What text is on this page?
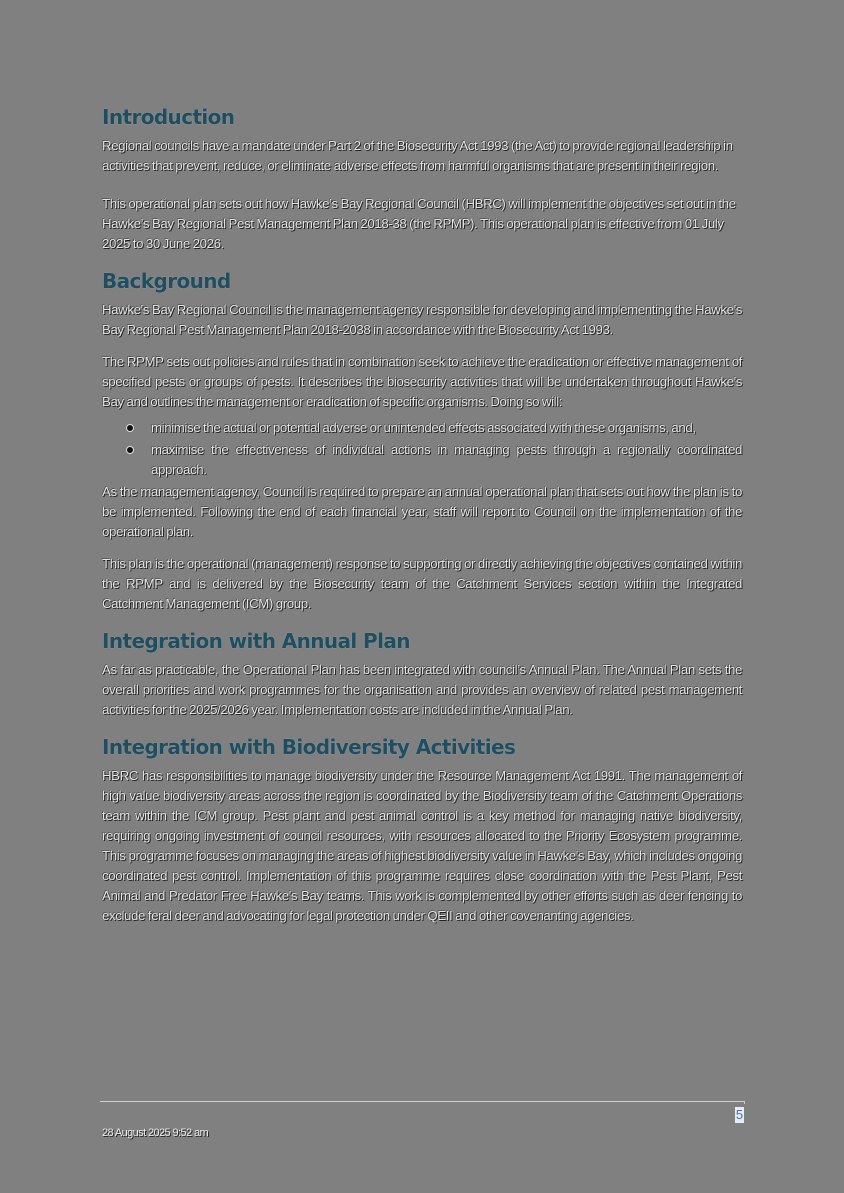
Introduction

Regional councils have a mandate under Part 2 of the Biosecurity Act 1993 (the Act) to provide regional leadership in activities that prevent, reduce, or eliminate adverse effects from harmful organisms that are present in their region.

This operational plan sets out how Hawke’s Bay Regional Council (HBRC) will implement the objectives set out in the Hawke’s Bay Regional Pest Management Plan 2018-38 (the RPMP). This operational plan is effective from 01 July 2025 to 30 June 2026.

Background

Hawke's Bay Regional Council is the management agency responsible for developing and implementing the Hawke's Bay Regional Pest Management Plan 2018-2038 in accordance with the Biosecurity Act 1993.

The RPMP sets out policies and rules that in combination seek to achieve the eradication or effective management of specified pests or groups of pests. It describes the biosecurity activities that will be undertaken throughout Hawke's Bay and outlines the management or eradication of specific organisms. Doing so will:

minimise the actual or potential adverse or unintended effects associated with these organisms, and,

maximise the effectiveness of individual actions in managing pests through a regionally coordinated approach.

As the management agency, Council is required to prepare an annual operational plan that sets out how the plan is to be implemented. Following the end of each financial year, staff will report to Council on the implementation of the operational plan.

This plan is the operational (management) response to supporting or directly achieving the objectives contained within the RPMP and is delivered by the Biosecurity team of the Catchment Services section within the Integrated Catchment Management (ICM) group.

Integration with Annual Plan

As far as practicable, the Operational Plan has been integrated with council’s Annual Plan. The Annual Plan sets the overall priorities and work programmes for the organisation and provides an overview of related pest management activities for the 2025/2026 year. Implementation costs are included in the Annual Plan.

Integration with Biodiversity Activities

HBRC has responsibilities to manage biodiversity under the Resource Management Act 1991. The management of high value biodiversity areas across the region is coordinated by the Biodiversity team of the Catchment Operations team within the ICM group. Pest plant and pest animal control is a key method for managing native biodiversity, requiring ongoing investment of council resources, with resources allocated to the Priority Ecosystem programme. This programme focuses on managing the areas of highest biodiversity value in Hawke's Bay, which includes ongoing coordinated pest control. Implementation of this programme requires close coordination with the Pest Plant, Pest Animal and Predator Free Hawke's Bay teams. This work is complemented by other efforts such as deer fencing to exclude feral deer and advocating for legal protection under QEII and other covenanting agencies.

5
28 August 2025 9:52 am
